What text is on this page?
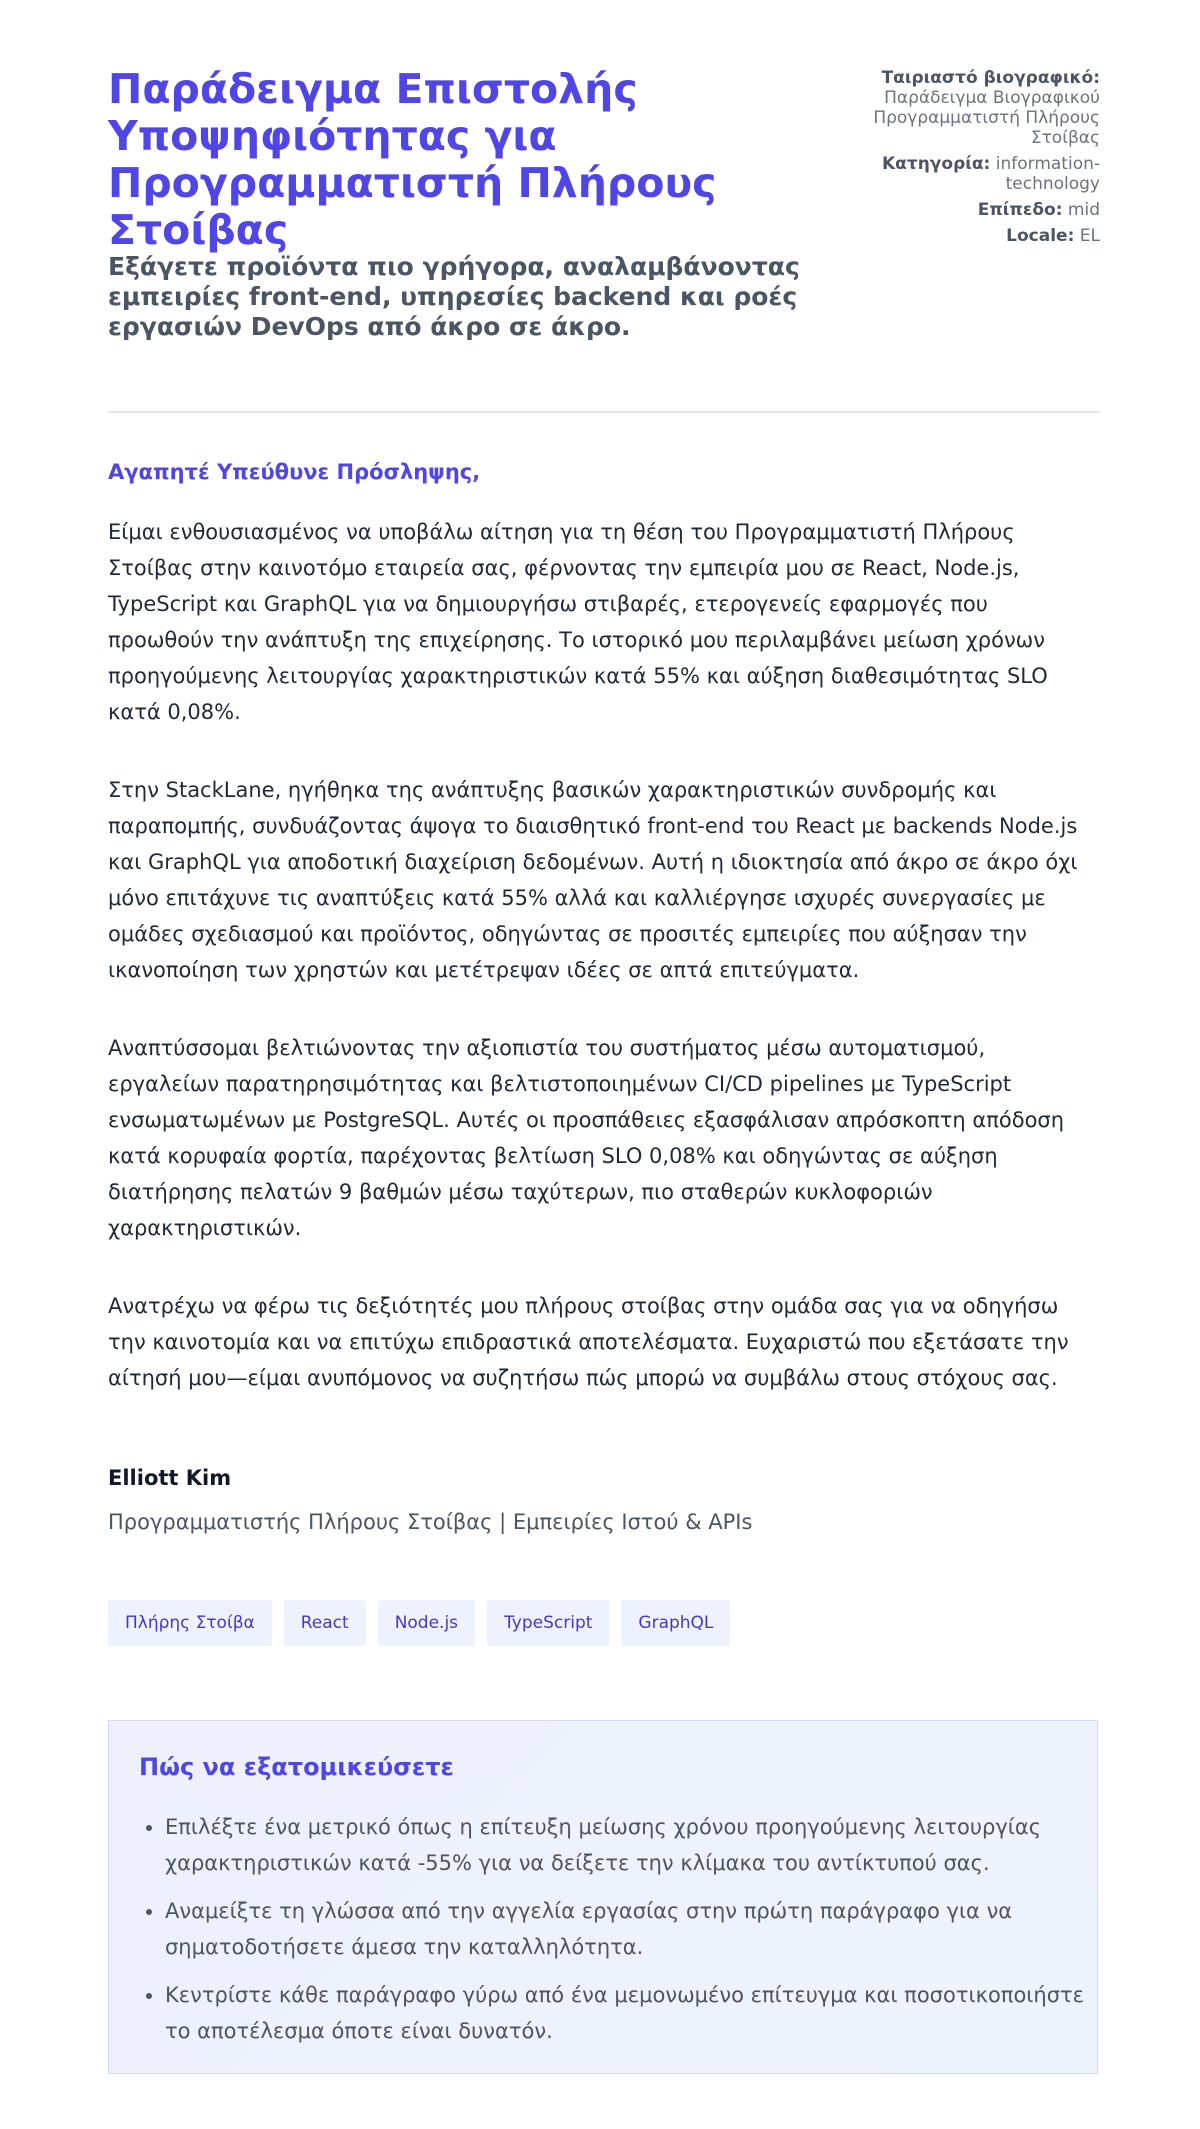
Παράδειγμα Επιστολής Υποψηφιότητας για Προγραμματιστή Πλήρους Στοίβας

Εξάγετε προϊόντα πιο γρήγορα, αναλαμβάνοντας εμπειρίες front-end, υπηρεσίες backend και ροές εργασιών DevOps από άκρο σε άκρο.

Ταιριαστό βιογραφικό:
Παράδειγμα Βιογραφικού Προγραμματιστή Πλήρους Στοίβας
Κατηγορία: information-technology
Επίπεδο: mid
Locale: EL

Αγαπητέ Υπεύθυνε Πρόσληψης,

Είμαι ενθουσιασμένος να υποβάλω αίτηση για τη θέση του Προγραμματιστή Πλήρους Στοίβας στην καινοτόμο εταιρεία σας, φέρνοντας την εμπειρία μου σε React, Node.js, TypeScript και GraphQL για να δημιουργήσω στιβαρές, ετερογενείς εφαρμογές που προωθούν την ανάπτυξη της επιχείρησης. Το ιστορικό μου περιλαμβάνει μείωση χρόνων προηγούμενης λειτουργίας χαρακτηριστικών κατά 55% και αύξηση διαθεσιμότητας SLO κατά 0,08%.

Στην StackLane, ηγήθηκα της ανάπτυξης βασικών χαρακτηριστικών συνδρομής και παραπομπής, συνδυάζοντας άψογα το διαισθητικό front-end του React με backends Node.js και GraphQL για αποδοτική διαχείριση δεδομένων. Αυτή η ιδιοκτησία από άκρο σε άκρο όχι μόνο επιτάχυνε τις αναπτύξεις κατά 55% αλλά και καλλιέργησε ισχυρές συνεργασίες με ομάδες σχεδιασμού και προϊόντος, οδηγώντας σε προσιτές εμπειρίες που αύξησαν την ικανοποίηση των χρηστών και μετέτρεψαν ιδέες σε απτά επιτεύγματα.

Αναπτύσσομαι βελτιώνοντας την αξιοπιστία του συστήματος μέσω αυτοματισμού, εργαλείων παρατηρησιμότητας και βελτιστοποιημένων CI/CD pipelines με TypeScript ενσωματωμένων με PostgreSQL. Αυτές οι προσπάθειες εξασφάλισαν απρόσκοπτη απόδοση κατά κορυφαία φορτία, παρέχοντας βελτίωση SLO 0,08% και οδηγώντας σε αύξηση διατήρησης πελατών 9 βαθμών μέσω ταχύτερων, πιο σταθερών κυκλοφοριών χαρακτηριστικών.

Ανατρέχω να φέρω τις δεξιότητές μου πλήρους στοίβας στην ομάδα σας για να οδηγήσω την καινοτομία και να επιτύχω επιδραστικά αποτελέσματα. Ευχαριστώ που εξετάσατε την αίτησή μου—είμαι ανυπόμονος να συζητήσω πώς μπορώ να συμβάλω στους στόχους σας.

Elliott Kim
Προγραμματιστής Πλήρους Στοίβας | Εμπειρίες Ιστού & APIs
Πλήρης Στοίβα	React	Node.js	TypeScript	GraphQL
Πώς να εξατομικεύσετε
• Επιλέξτε ένα μετρικό όπως η επίτευξη μείωσης χρόνου προηγούμενης λειτουργίας χαρακτηριστικών κατά -55% για να δείξετε την κλίμακα του αντίκτυπού σας.
• Αναμείξτε τη γλώσσα από την αγγελία εργασίας στην πρώτη παράγραφο για να σηματοδοτήσετε άμεσα την καταλληλότητα.
• Κεντρίστε κάθε παράγραφο γύρω από ένα μεμονωμένο επίτευγμα και ποσοτικοποιήστε το αποτέλεσμα όποτε είναι δυνατόν.
